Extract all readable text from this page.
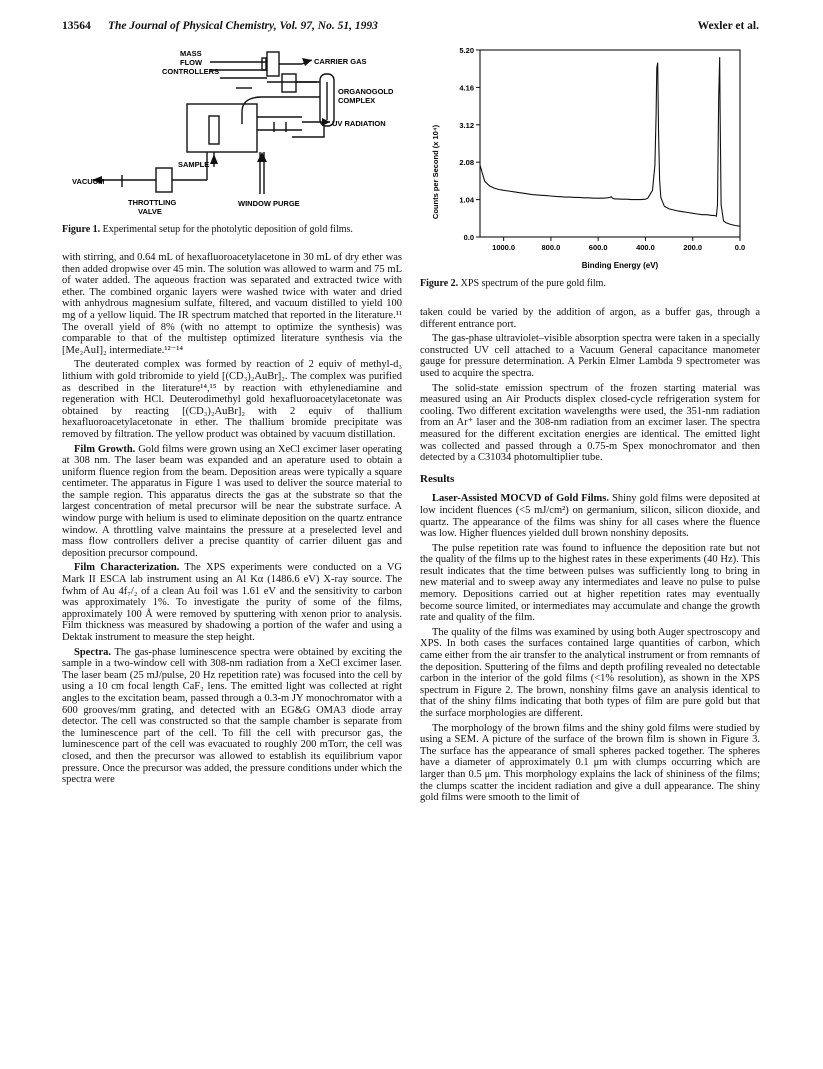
13564 The Journal of Physical Chemistry, Vol. 97, No. 51, 1993	Wexler et al.
MASS
FLOW
CONTROLLERS
CARRIER GAS
ORGANOGOLD
COMPLEX
UV RADIATION
SAMPLE
VACUUM
THROTTLING
VALVE
WINDOW PURGE
Figure 1. Experimental setup for the photolytic deposition of gold films.
Counts per Second (x 10⁴)
Binding Energy (eV)
0.0
1.04
2.08
3.12
4.16
5.20
1000.0	800.0	600.0	400.0	200.0	0.0
Figure 2. XPS spectrum of the pure gold film.

with stirring, and 0.64 mL of hexafluoroacetylacetone in 30 mL of dry ether was then added dropwise over 45 min. The solution was allowed to warm and 75 mL of water added. The aqueous fraction was separated and extracted twice with ether. The combined organic layers were washed twice with water and dried with anhydrous magnesium sulfate, filtered, and vacuum distilled to yield 100 mg of a yellow liquid. The IR spectrum matched that reported in the literature.¹¹ The overall yield of 8% (with no attempt to optimize the synthesis) was comparable to that of the multistep optimized literature synthesis via the [Me₂AuI]₂ intermediate.¹²⁻¹⁴

The deuterated complex was formed by reaction of 2 equiv of methyl-d₃ lithium with gold tribromide to yield [(CD₃)₂AuBr]₂. The complex was purified as described in the literature¹⁴,¹⁵ by reaction with ethylenediamine and regeneration with HCl. Deuterodimethyl gold hexafluoroacetylacetonate was obtained by reacting [(CD₃)₂AuBr]₂ with 2 equiv of thallium hexafluoroacetylacetonate in ether. The thallium bromide precipitate was removed by filtration. The yellow product was obtained by vacuum distillation.

Film Growth. Gold films were grown using an XeCl excimer laser operating at 308 nm. The laser beam was expanded and an aperature used to obtain a uniform fluence region from the beam. Deposition areas were typically a square centimeter. The apparatus in Figure 1 was used to deliver the source material to the sample region. This apparatus directs the gas at the substrate so that the largest concentration of metal precursor will be near the substrate surface. A window purge with helium is used to eliminate deposition on the quartz entrance window. A throttling valve maintains the pressure at a preselected level and mass flow controllers deliver a precise quantity of carrier diluent gas and deposition precursor compound.

Film Characterization. The XPS experiments were conducted on a VG Mark II ESCA lab instrument using an Al Kα (1486.6 eV) X-ray source. The fwhm of Au 4f₇/₂ of a clean Au foil was 1.61 eV and the sensitivity to carbon was approximately 1%. To investigate the purity of some of the films, approximately 100 Å were removed by sputtering with xenon prior to analysis. Film thickness was measured by shadowing a portion of the wafer and using a Dektak instrument to measure the step height.

Spectra. The gas-phase luminescence spectra were obtained by exciting the sample in a two-window cell with 308-nm radiation from a XeCl excimer laser. The laser beam (25 mJ/pulse, 20 Hz repetition rate) was focused into the cell by using a 10 cm focal length CaF₂ lens. The emitted light was collected at right angles to the excitation beam, passed through a 0.3-m JY monochromator with a 600 grooves/mm grating, and detected with an EG&G OMA3 diode array detector. The cell was constructed so that the sample chamber is separate from the luminescence part of the cell. To fill the cell with precursor gas, the luminescence part of the cell was evacuated to roughly 200 mTorr, the cell was closed, and then the precursor was allowed to establish its equilibrium vapor pressure. Once the precursor was added, the pressure conditions under which the spectra were

taken could be varied by the addition of argon, as a buffer gas, through a different entrance port.

The gas-phase ultraviolet–visible absorption spectra were taken in a specially constructed UV cell attached to a Vacuum General capacitance manometer gauge for pressure determination. A Perkin Elmer Lambda 9 spectrometer was used to acquire the spectra.

The solid-state emission spectrum of the frozen starting material was measured using an Air Products displex closed-cycle refrigeration system for cooling. Two different excitation wavelengths were used, the 351-nm radiation from an Ar⁺ laser and the 308-nm radiation from an excimer laser. The spectra measured for the different excitation energies are identical. The emitted light was collected and passed through a 0.75-m Spex monochromator and then detected by a C31034 photomultiplier tube.

Results

Laser-Assisted MOCVD of Gold Films. Shiny gold films were deposited at low incident fluences (<5 mJ/cm²) on germanium, silicon, silicon dioxide, and quartz. The appearance of the films was shiny for all cases where the fluence was low. Higher fluences yielded dull brown nonshiny deposits.

The pulse repetition rate was found to influence the deposition rate but not the quality of the films up to the highest rates in these experiments (40 Hz). This result indicates that the time between pulses was sufficiently long to bring in new material and to sweep away any intermediates and leave no pulse to pulse memory. Depositions carried out at higher repetition rates may eventually become source limited, or intermediates may accumulate and change the growth rate and quality of the film.

The quality of the films was examined by using both Auger spectroscopy and XPS. In both cases the surfaces contained large quantities of carbon, which came either from the air transfer to the analytical instrument or from remnants of the deposition. Sputtering of the films and depth profiling revealed no detectable carbon in the interior of the gold films (<1% resolution), as shown in the XPS spectrum in Figure 2. The brown, nonshiny films gave an analysis identical to that of the shiny films indicating that both types of film are pure gold but that the surface morphologies are different.

The morphology of the brown films and the shiny gold films were studied by using a SEM. A picture of the surface of the brown film is shown in Figure 3. The surface has the appearance of small spheres packed together. The spheres have a diameter of approximately 0.1 μm with clumps occurring which are larger than 0.5 μm. This morphology explains the lack of shininess of the films; the clumps scatter the incident radiation and give a dull appearance. The shiny gold films were smooth to the limit of
